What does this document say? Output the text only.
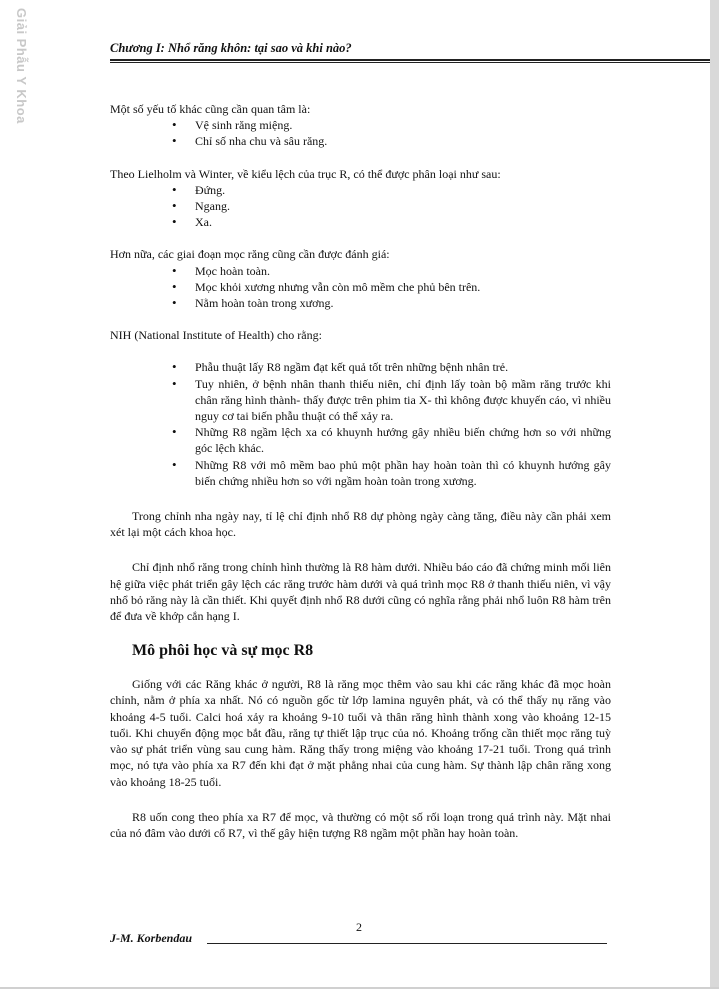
Giải Phẫu Y Khoa	Chương I: Nhổ răng khôn: tại sao và khi nào?

Một số yếu tố khác cũng cần quan tâm là:

• Vệ sinh răng miệng.
• Chỉ số nha chu và sâu răng.

Theo Lielholm và Winter, về kiểu lệch của trục R, có thể được phân loại như sau:

• Đứng.
• Ngang.
• Xa.

Hơn nữa, các giai đoạn mọc răng cũng cần được đánh giá:

• Mọc hoàn toàn.
• Mọc khỏi xương nhưng vẫn còn mô mềm che phủ bên trên.
• Nằm hoàn toàn trong xương.

NIH (National Institute of Health) cho rằng:

• Phẫu thuật lấy R8 ngầm đạt kết quả tốt trên những bệnh nhân trẻ.
• Tuy nhiên, ở bệnh nhân thanh thiếu niên, chỉ định lấy toàn bộ mầm răng trước khi chân răng hình thành- thấy được trên phim tia X- thì không được khuyến cáo, vì nhiều nguy cơ tai biến phẫu thuật có thể xảy ra.
• Những R8 ngầm lệch xa có khuynh hướng gây nhiều biến chứng hơn so với những góc lệch khác.
• Những R8 với mô mềm bao phủ một phần hay hoàn toàn thì có khuynh hướng gây biến chứng nhiều hơn so với ngầm hoàn toàn trong xương.

Trong chỉnh nha ngày nay, tỉ lệ chỉ định nhổ R8 dự phòng ngày càng tăng, điều này cần phải xem xét lại một cách khoa học.

Chỉ định nhổ răng trong chỉnh hình thường là R8 hàm dưới. Nhiều báo cáo đã chứng minh mối liên hệ giữa việc phát triển gây lệch các răng trước hàm dưới và quá trình mọc R8 ở thanh thiếu niên, vì vậy nhổ bỏ răng này là cần thiết. Khi quyết định nhổ R8 dưới cũng có nghĩa rằng phải nhổ luôn R8 hàm trên để đưa về khớp cắn hạng I.

Mô phôi học và sự mọc R8

Giống với các Răng khác ở người, R8 là răng mọc thêm vào sau khi các răng khác đã mọc hoàn chỉnh, nằm ở phía xa nhất. Nó có nguồn gốc từ lớp lamina nguyên phát, và có thể thấy nụ răng vào khoảng 4-5 tuổi. Calci hoá xảy ra khoảng 9-10 tuổi và thân răng hình thành xong vào khoảng 12-15 tuổi. Khi chuyển động mọc bắt đầu, răng tự thiết lập trục của nó. Khoảng trống cần thiết mọc răng tuỳ vào sự phát triển vùng sau cung hàm. Răng thấy trong miệng vào khoảng 17-21 tuổi. Trong quá trình mọc, nó tựa vào phía xa R7 đến khi đạt ở mặt phẳng nhai của cung hàm. Sự thành lập chân răng xong vào khoảng 18-25 tuổi.

R8 uốn cong theo phía xa R7 để mọc, và thường có một số rối loạn trong quá trình này. Mặt nhai của nó đâm vào dưới cổ R7, vì thế gây hiện tượng R8 ngầm một phần hay hoàn toàn.

2
J-M. Korbendau
